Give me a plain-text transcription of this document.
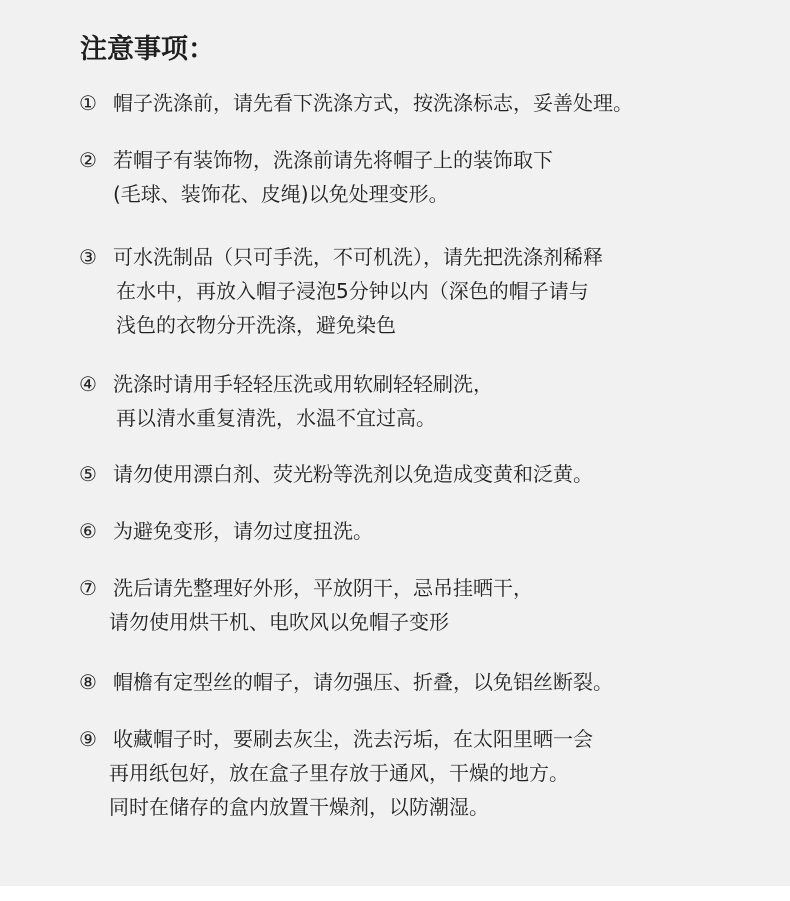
注意事项：
① 帽子洗涤前，请先看下洗涤方式，按洗涤标志，妥善处理。
② 若帽子有装饰物，洗涤前请先将帽子上的装饰取下
(毛球、装饰花、皮绳)以免处理变形。
③ 可水洗制品（只可手洗，不可机洗），请先把洗涤剂稀释
在水中，再放入帽子浸泡5分钟以内（深色的帽子请与
浅色的衣物分开洗涤，避免染色
④ 洗涤时请用手轻轻压洗或用软刷轻轻刷洗，
再以清水重复清洗，水温不宜过高。
⑤ 请勿使用漂白剂、荧光粉等洗剂以免造成变黄和泛黄。
⑥ 为避免变形，请勿过度扭洗。
⑦ 洗后请先整理好外形，平放阴干，忌吊挂晒干，
请勿使用烘干机、电吹风以免帽子变形
⑧ 帽檐有定型丝的帽子，请勿强压、折叠，以免铝丝断裂。
⑨ 收藏帽子时，要刷去灰尘，洗去污垢，在太阳里晒一会
再用纸包好，放在盒子里存放于通风，干燥的地方。
同时在储存的盒内放置干燥剂，以防潮湿。
